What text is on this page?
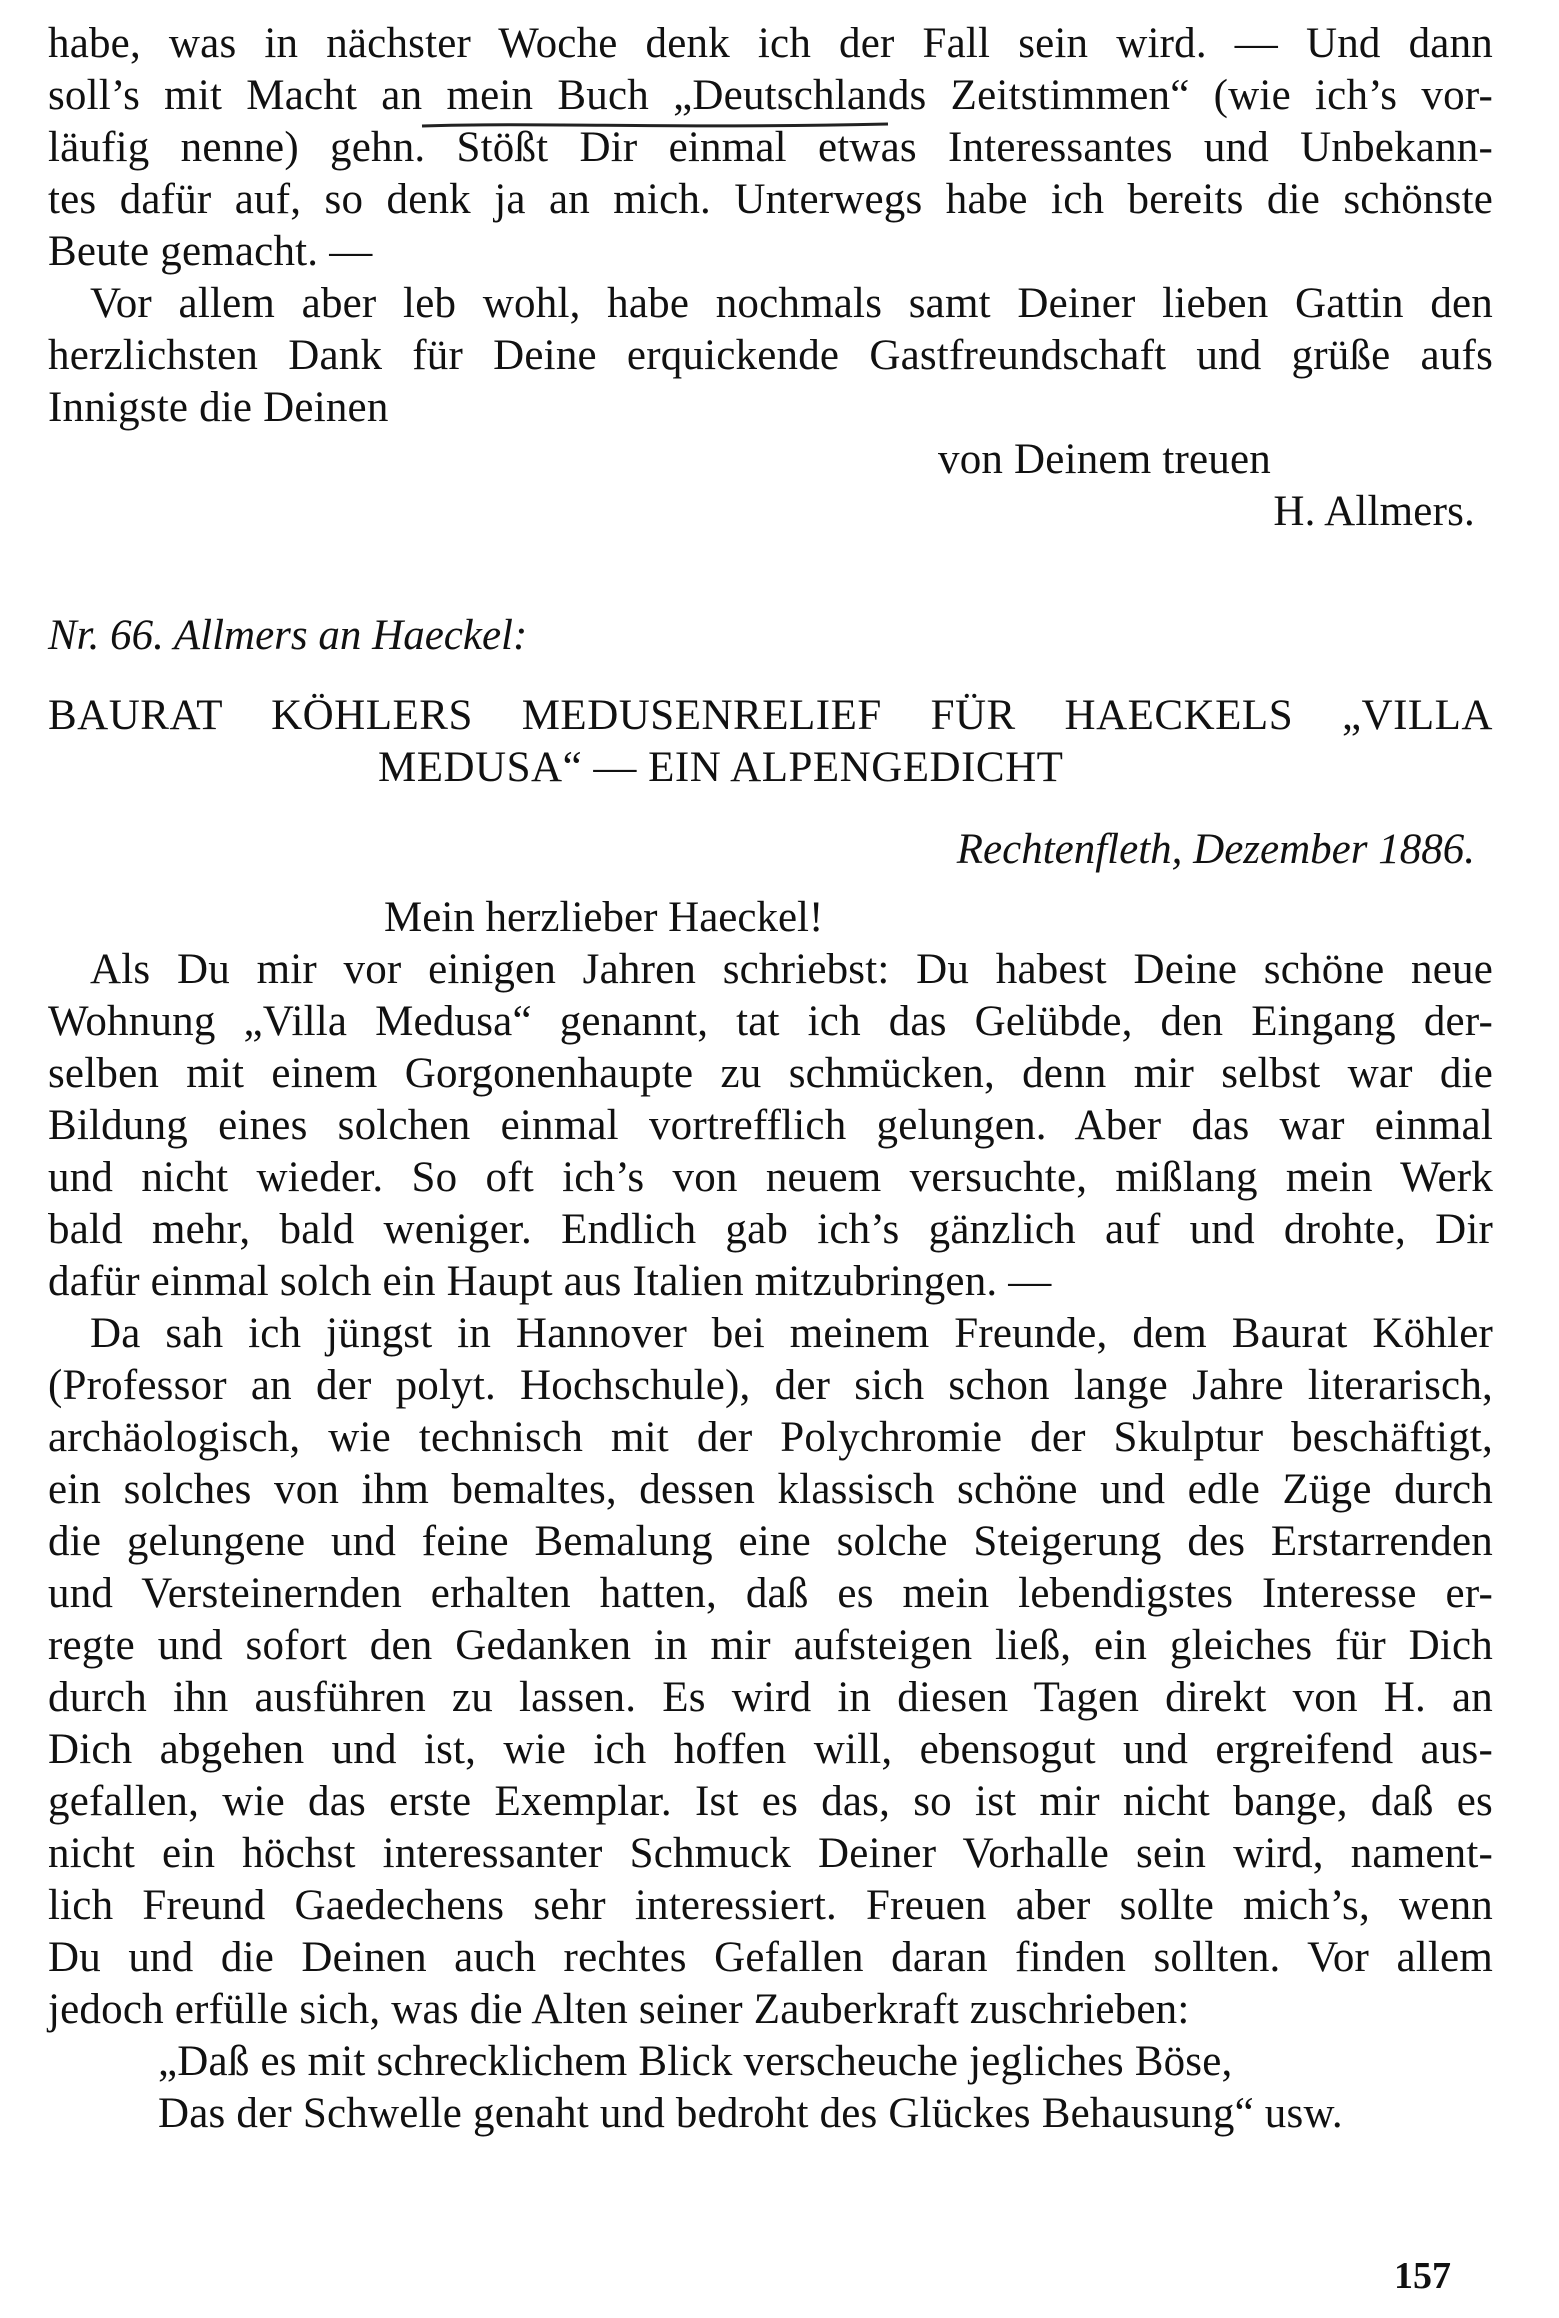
habe, was in nächster Woche denk ich der Fall sein wird. — Und dann
soll’s mit Macht an mein Buch „Deutschlands Zeitstimmen“ (wie ich’s vor-
läufig nenne) gehn. Stößt Dir einmal etwas Interessantes und Unbekann-
tes dafür auf, so denk ja an mich. Unterwegs habe ich bereits die schönste
Beute gemacht. —
Vor allem aber leb wohl, habe nochmals samt Deiner lieben Gattin den
herzlichsten Dank für Deine erquickende Gastfreundschaft und grüße aufs
Innigste die Deinen
von Deinem treuen
H. Allmers.
Nr. 66. Allmers an Haeckel:
BAURAT KÖHLERS MEDUSENRELIEF FÜR HAECKELS „VILLA
MEDUSA“ — EIN ALPENGEDICHT
Rechtenfleth, Dezember 1886.
Mein herzlieber Haeckel!
Als Du mir vor einigen Jahren schriebst: Du habest Deine schöne neue
Wohnung „Villa Medusa“ genannt, tat ich das Gelübde, den Eingang der-
selben mit einem Gorgonenhaupte zu schmücken, denn mir selbst war die
Bildung eines solchen einmal vortrefflich gelungen. Aber das war einmal
und nicht wieder. So oft ich’s von neuem versuchte, mißlang mein Werk
bald mehr, bald weniger. Endlich gab ich’s gänzlich auf und drohte, Dir
dafür einmal solch ein Haupt aus Italien mitzubringen. —
Da sah ich jüngst in Hannover bei meinem Freunde, dem Baurat Köhler
(Professor an der polyt. Hochschule), der sich schon lange Jahre literarisch,
archäologisch, wie technisch mit der Polychromie der Skulptur beschäftigt,
ein solches von ihm bemaltes, dessen klassisch schöne und edle Züge durch
die gelungene und feine Bemalung eine solche Steigerung des Erstarrenden
und Versteinernden erhalten hatten, daß es mein lebendigstes Interesse er-
regte und sofort den Gedanken in mir aufsteigen ließ, ein gleiches für Dich
durch ihn ausführen zu lassen. Es wird in diesen Tagen direkt von H. an
Dich abgehen und ist, wie ich hoffen will, ebensogut und ergreifend aus-
gefallen, wie das erste Exemplar. Ist es das, so ist mir nicht bange, daß es
nicht ein höchst interessanter Schmuck Deiner Vorhalle sein wird, nament-
lich Freund Gaedechens sehr interessiert. Freuen aber sollte mich’s, wenn
Du und die Deinen auch rechtes Gefallen daran finden sollten. Vor allem
jedoch erfülle sich, was die Alten seiner Zauberkraft zuschrieben:
„Daß es mit schrecklichem Blick verscheuche jegliches Böse,
Das der Schwelle genaht und bedroht des Glückes Behausung“ usw.
157
